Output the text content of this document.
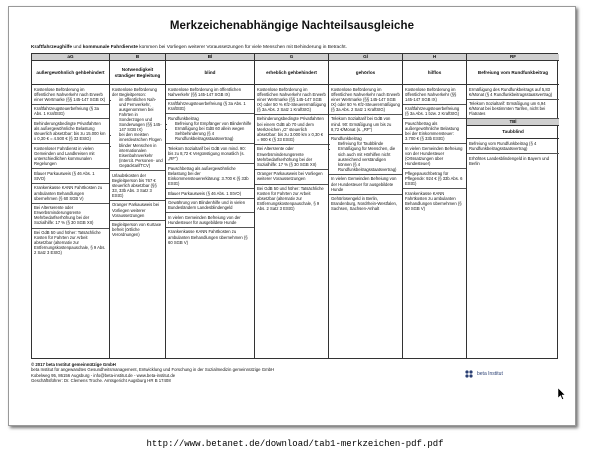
Merkzeichenabhängige Nachteilsausgleiche
Kraftfahrzeughilfe und kommunale Fahrdienste kommen bei Vorliegen weiterer Voraussetzungen für viele Menschen mit Behinderung in Betracht.
aG
außergewöhnlich gehbehindert
Kostenlose Beförderung im öffentlichen Nahverkehr nach Erwerb einer Wertmarke (§§ 145-147 SGB IX)
Kraftfahrzeugsteuerbefreiung (§ 3a Abs. 1 KraftStG)
Behinderungsbedingte Privatfahrten als außergewöhnliche Belastung steuerlich absetzbar: bis zu 15.000 km x 0,30 € = 4.500 € (§ 33 EStG)
Kostenloser Fahrdienst in vielen Gemeinden und Landkreisen mit unterschiedlichen kommunalen Regelungen
Blauer Parkausweis (§ 46 Abs. 1 StVO)
Krankenkasse KANN Fahrtkosten zu ambulanten Behandlungen übernehmen (§ 60 SGB V)
Bei Alterserente oder Erwerbsminderungsrente Mehrbedarfserhöhung bei der Sozialhilfe: 17 % (§ 30 SGB XII)
Bei GdB 50 und höher: Tatsächliche Kosten für Fahrten zur Arbeit absetzbar (alternativ zur Entfernungskostenpauschale, § 9 Abs. 2 Satz 3 EStG)
B
Notwendigkeit ständiger Begleitung
Kostenlose Beförderung der Begleitperson:
• im öffentlichen Nah- und Fernverkehr, ausgenommen bei Fahrten in Sonderzügen und Sonderwagen (§§ 145-147 SGB IX)
• bei den meisten innerdeutschen Flügen
• blinder Menschen in internationalen Eisenbahnverkehr (Intercit. Personen- und GepäcktarifTCV)
Urlaubskosten der Begleitperson bis 767 € steuerlich absetzbar (§§ 33, 33b Abs. 3 Satz 3 EStG)
Oranger Parkausweis bei Vorliegen weiterer Voraussetzungen
Begleitperson von Kurtaxe befreit (örtliche Verordnungen)
Bl
blind
Kostenlose Beförderung im öffentlichen Nahverkehr (§§ 145-147 SGB IX)
Kraftfahrzeugsteuerbefreiung (§ 3a Abs. 1 KraftStG)
Rundfunkbeitrag
• Befreiung für Empfänger von Blindenhilfe
• Ermäßigung bei GdB 60 allein wegen Sehbehinderung (§ 4 Rundfunkbeitragsstaatsvertrag)
Telekom Sozialtarif bei GdB von mind. 90: bis zu 8,72 € Vergünstigung monatlich (s. „RF“)
Pauschbetrag als außergewöhnliche Belastung bei der Einkommensteuererklärung: 3.700 € (§ 33b EStG)
Blauer Parkausweis (§ 46 Abs. 1 StVO)
Gewährung von Blindenhilfe und in vielen Bundesländern Landesblindengeld
In vielen Gemeinden Befreiung von der Hundesteuer für ausgebildete Hunde
Krankenkasse KANN Fahrtkosten zu ambulanten Behandlungen übernehmen (§ 60 SGB V)
G
erheblich gehbehindert
Kostenlose Beförderung im öffentlichen Nahverkehr nach Erwerb einer Wertmarke (§§ 145-147 SGB IX) oder 50 % Kfz-Steuerermäßigung (§ 3a Abs. 2 Satz 1 KraftStG)
Behinderungsbedingte Privatfahrten bei einem GdB ab 70 und dem Merkzeichen „G“ steuerlich absetzbar: bis zu 3.000 km x 0,30 € = 900 € (§ 33 EStG)
Bei Altersrente oder Erwerbsminderungsrente Mehrbedarfserhöhung bei der Sozialhilfe: 17 % (§ 30 SGB XII)
Oranger Parkausweis bei Vorliegen weiterer Voraussetzungen
Bei GdB 50 und höher: Tatsächliche Kosten für Fahrten zur Arbeit absetzbar (alternativ zur Entfernungskostenpauschale, § 9 Abs. 2 Satz 3 EStG)
Gl
gehörlos
Kostenlose Beförderung im öffentlichen Nahverkehr nach Erwerb einer Wertmarke (§§ 145-147 SGB IX) oder 50 % Kfz-Steuerermäßigung (§ 3a Abs. 2 Satz 1 KraftStG)
Telekom Sozialtarif bei GdB von mind. 90: Ermäßigung um bis zu 8,72 €/Monat (s. „RF“)
Rundfunkbeitrag
• Befreiung für Taubblinde
• Ermäßigung für Menschen, die sich auch mit Hörhilfen nicht ausreichend verständigen können (§ 4 Rundfunkbeitragsstaatsvertrag)
In vielen Gemeinden Befreiung von der Hundesteuer für ausgebildete Hunde
Gehörlosengeld in Berlin, Brandenburg, Nordrhein-Westfalen, Sachsen, Sachsen-Anhalt
H
hilflos
Kostenlose Beförderung im öffentlichen Nahverkehr (§§ 145-147 SGB IX)
Kraftfahrzeugsteuerbefreiung (§ 3a Abs. 1 bzw. 2 KraftStG)
Pauschbetrag als außergewöhnliche Belastung bei der Einkommensteuer: 3.700 € (§ 33b EStG)
In vielen Gemeinden Befreiung von der Hundesteuer (Ortssatzungen über Hundesteuer)
Pflegepauschbetrag für Pflegende: 924 € (§ 33b Abs. 6 EStG)
Krankenkasse KANN Fahrtkosten zu ambulanten Behandlungen übernehmen (§ 60 SGB V)
RF
Befreiung vom Rundfunkbeitrag
Ermäßigung des Rundfunkbeitrags auf 5,83 €/Monat (§ 4 Rundfunkbeitragsstaatsvertrag)
Telekom Sozialtarif: Ermäßigung um 6,94 €/Monat bei bestimmten Tarifen, nicht bei Flatrates
TBl
Taubblind
Befreiung vom Rundfunkbeitrag (§ 4 Rundfunkbeitragsstaatsvertrag)
Erhöhtes Landesblindengeld in Bayern und Berlin
© 2017 beta Institut gemeinnützige GmbH
beta Institut für angewandtes Gesundheitsmanagement, Entwicklung und Forschung in der Sozialmedizin gemeinnützige GmbH
Kobelweg 95, 86156 Augsburg - info@beta-institut.de - www.beta-institut.de
Geschäftsführer: Dr. Clemens Troche. Amtsgericht Augsburg HR B 17408
beta Institut
http://www.betanet.de/download/tab1-merkzeichen-pdf.pdf
